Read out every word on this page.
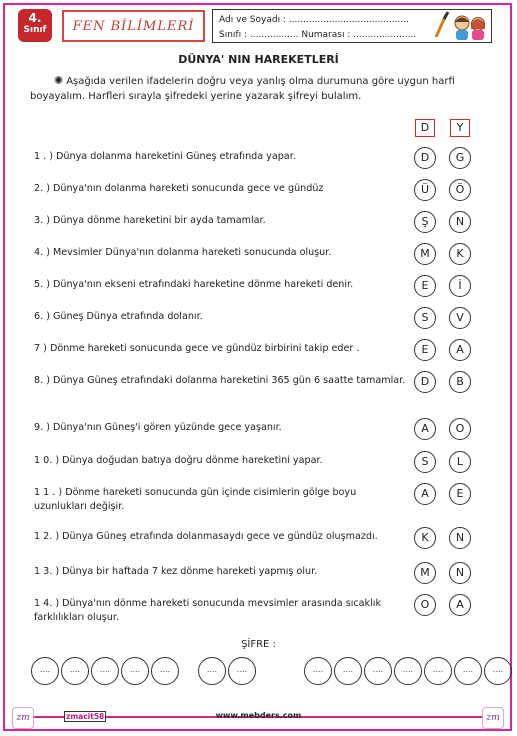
4.
Sınıf	FEN BİLİMLERİ	Adı ve Soyadı : ..........................................
Sınıfı : ................. Numarası : ......................
DÜNYA' NIN HAREKETLERİ
✺ Aşağıda verilen ifadelerin doğru veya yanlış olma durumuna göre uygun harfi boyayalım. Harfleri sırayla şifredeki yerine yazarak şifreyi bulalım.
D	Y
1 . ) Dünya dolanma hareketini Güneş etrafında yapar.	D	G
2. ) Dünya'nın dolanma hareketi sonucunda gece ve gündüz	Ü	Ö
3. ) Dünya dönme hareketini bir ayda tamamlar.	Ş	N
4. ) Mevsimler Dünya'nın dolanma hareketi sonucunda oluşur.	M	K
5. ) Dünya'nın ekseni etrafındaki hareketine dönme hareketi denir.	E	İ
6. ) Güneş Dünya etrafında dolanır.	S	V
7 ) Dönme hareketi sonucunda gece ve gündüz birbirini takip eder .	E	A
8. ) Dünya Güneş etrafındaki dolanma hareketini 365 gün 6 saatte tamamlar.	D	B
9. ) Dünya'nın Güneş'i gören yüzünde gece yaşanır.	A	O
1 0. ) Dünya doğudan batıya doğru dönme hareketini yapar.	S	L
1 1 . ) Dönme hareketi sonucunda gün içinde cisimlerin gölge boyu uzunlukları değişir.
A	E
1 2. ) Dünya Güneş etrafında dolanmasaydı gece ve gündüz oluşmazdı.	K	N
1 3. ) Dünya bir haftada 7 kez dönme hareketi yapmış olur.	M	N
1 4. ) Dünya'nın dönme hareketi sonucunda mevsimler arasında sıcaklık farklılıkları oluşur.
O	A
ŞİFRE :
....	....	....	....	....	....	....	....	....	....	....	....	....	....
zm	zm
zmacit58	www.mebders.com
